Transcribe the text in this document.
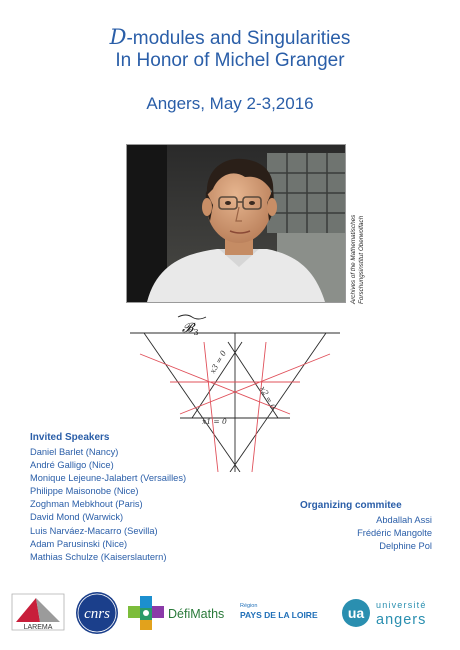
D-modules and Singularities

In Honor of Michel Granger

Angers, May 2-3,2016
Archives of the Mathematisches Forschungsinstitut Oberwolfach
𝓑$_3$
x1 = 0
x3 = 0
x2 = 0
Invited Speakers
Daniel Barlet (Nancy)
André Galligo (Nice)
Monique Lejeune-Jalabert (Versailles)
Philippe Maisonobe (Nice)
Zoghman Mebkhout (Paris)
David Mond (Warwick)
Luis Narváez-Macarro (Sevilla)
Adam Parusinski (Nice)
Mathias Schulze (Kaiserslautern)
Organizing commitee
Abdallah Assi
Frédéric Mangolte
Delphine Pol
LAREMA
cnrs	DéfiMaths
Région
PAYS DE LA LOIRE ua université
angers
